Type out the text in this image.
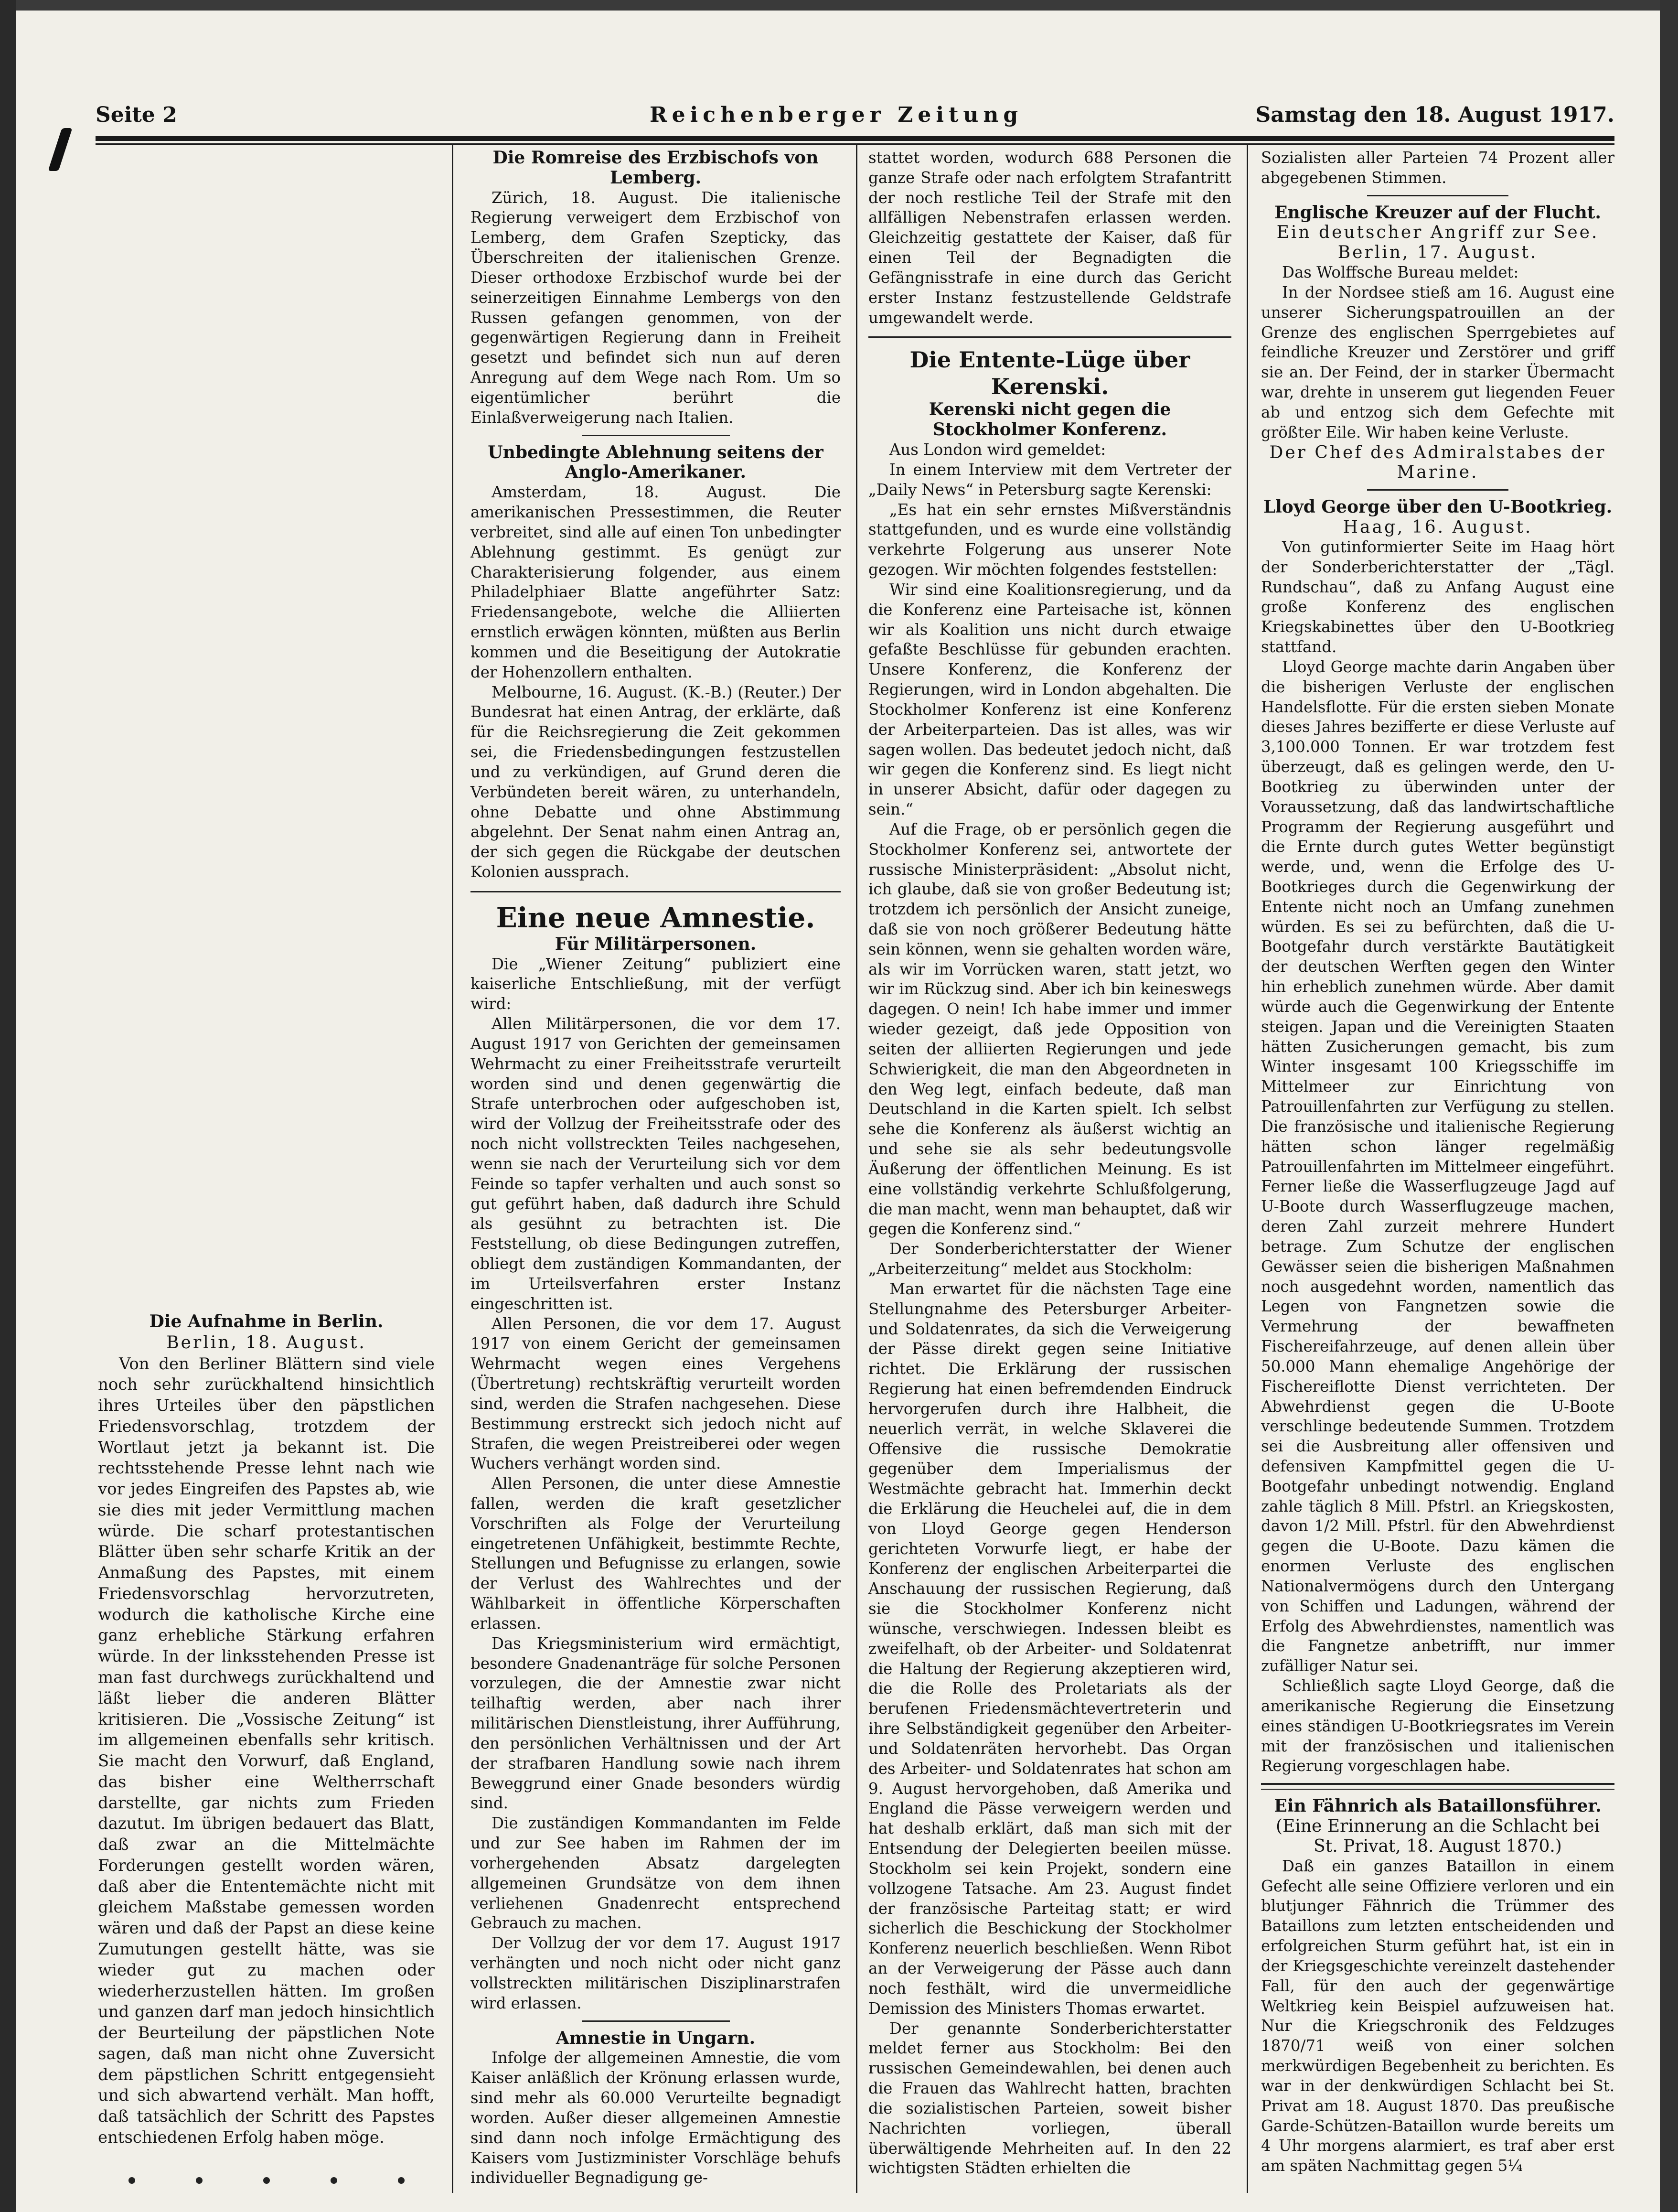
Seite 2	Reichenberger Zeitung	Samstag den 18. August 1917.

Die Aufnahme in Berlin.

Berlin, 18. August.

Von den Berliner Blättern sind viele noch sehr zurückhaltend hinsichtlich ihres Urteiles über den päpstlichen Friedensvorschlag, trotzdem der Wortlaut jetzt ja bekannt ist. Die rechtsstehende Presse lehnt nach wie vor jedes Eingreifen des Papstes ab, wie sie dies mit jeder Vermittlung machen würde. Die scharf protestantischen Blätter üben sehr scharfe Kritik an der Anmaßung des Papstes, mit einem Friedensvorschlag hervorzutreten, wodurch die katholische Kirche eine ganz erhebliche Stärkung erfahren würde. In der linksstehenden Presse ist man fast durchwegs zurückhaltend und läßt lieber die anderen Blätter kritisieren. Die „Vossische Zeitung“ ist im allgemeinen ebenfalls sehr kritisch. Sie macht den Vorwurf, daß England, das bisher eine Weltherrschaft darstellte, gar nichts zum Frieden dazutut. Im übrigen bedauert das Blatt, daß zwar an die Mittelmächte Forderungen gestellt worden wären, daß aber die Ententemächte nicht mit gleichem Maßstabe gemessen worden wären und daß der Papst an diese keine Zumutungen gestellt hätte, was sie wieder gut zu machen oder wiederherzustellen hätten. Im großen und ganzen darf man jedoch hinsichtlich der Beurteilung der päpstlichen Note sagen, daß man nicht ohne Zuversicht dem päpstlichen Schritt entgegensieht und sich abwartend verhält. Man hofft, daß tatsächlich der Schritt des Papstes entschiedenen Erfolg haben möge.

Die Romreise des Erzbischofs von Lemberg.

Zürich, 18. August. Die italienische Regierung verweigert dem Erzbischof von Lemberg, dem Grafen Szepticky, das Überschreiten der italienischen Grenze. Dieser orthodoxe Erzbischof wurde bei der seinerzeitigen Einnahme Lembergs von den Russen gefangen genommen, von der gegenwärtigen Regierung dann in Freiheit gesetzt und befindet sich nun auf deren Anregung auf dem Wege nach Rom. Um so eigentümlicher berührt die Einlaßverweigerung nach Italien.

Unbedingte Ablehnung seitens der Anglo-Amerikaner.

Amsterdam, 18. August. Die amerikanischen Pressestimmen, die Reuter verbreitet, sind alle auf einen Ton unbedingter Ablehnung gestimmt. Es genügt zur Charakterisierung folgender, aus einem Philadelphiaer Blatte angeführter Satz: Friedensangebote, welche die Alliierten ernstlich erwägen könnten, müßten aus Berlin kommen und die Beseitigung der Autokratie der Hohenzollern enthalten.

Melbourne, 16. August. (K.-B.) (Reuter.) Der Bundesrat hat einen Antrag, der erklärte, daß für die Reichsregierung die Zeit gekommen sei, die Friedensbedingungen festzustellen und zu verkündigen, auf Grund deren die Verbündeten bereit wären, zu unterhandeln, ohne Debatte und ohne Abstimmung abgelehnt. Der Senat nahm einen Antrag an, der sich gegen die Rückgabe der deutschen Kolonien aussprach.

Eine neue Amnestie.

Für Militärpersonen.

Die „Wiener Zeitung“ publiziert eine kaiserliche Entschließung, mit der verfügt wird:

Allen Militärpersonen, die vor dem 17. August 1917 von Gerichten der gemeinsamen Wehrmacht zu einer Freiheitsstrafe verurteilt worden sind und denen gegenwärtig die Strafe unterbrochen oder aufgeschoben ist, wird der Vollzug der Freiheitsstrafe oder des noch nicht vollstreckten Teiles nachgesehen, wenn sie nach der Verurteilung sich vor dem Feinde so tapfer verhalten und auch sonst so gut geführt haben, daß dadurch ihre Schuld als gesühnt zu betrachten ist. Die Feststellung, ob diese Bedingungen zutreffen, obliegt dem zuständigen Kommandanten, der im Urteilsverfahren erster Instanz eingeschritten ist.

Allen Personen, die vor dem 17. August 1917 von einem Gericht der gemeinsamen Wehrmacht wegen eines Vergehens (Übertretung) rechtskräftig verurteilt worden sind, werden die Strafen nachgesehen. Diese Bestimmung erstreckt sich jedoch nicht auf Strafen, die wegen Preistreiberei oder wegen Wuchers verhängt worden sind.

Allen Personen, die unter diese Amnestie fallen, werden die kraft gesetzlicher Vorschriften als Folge der Verurteilung eingetretenen Unfähigkeit, bestimmte Rechte, Stellungen und Befugnisse zu erlangen, sowie der Verlust des Wahlrechtes und der Wählbarkeit in öffentliche Körperschaften erlassen.

Das Kriegsministerium wird ermächtigt, besondere Gnadenanträge für solche Personen vorzulegen, die der Amnestie zwar nicht teilhaftig werden, aber nach ihrer militärischen Dienstleistung, ihrer Aufführung, den persönlichen Verhältnissen und der Art der strafbaren Handlung sowie nach ihrem Beweggrund einer Gnade besonders würdig sind.

Die zuständigen Kommandanten im Felde und zur See haben im Rahmen der im vorhergehenden Absatz dargelegten allgemeinen Grundsätze von dem ihnen verliehenen Gnadenrecht entsprechend Gebrauch zu machen.

Der Vollzug der vor dem 17. August 1917 verhängten und noch nicht oder nicht ganz vollstreckten militärischen Disziplinarstrafen wird erlassen.

Amnestie in Ungarn.

Infolge der allgemeinen Amnestie, die vom Kaiser anläßlich der Krönung erlassen wurde, sind mehr als 60.000 Verurteilte begnadigt worden. Außer dieser allgemeinen Amnestie sind dann noch infolge Ermächtigung des Kaisers vom Justizminister Vorschläge behufs individueller Begnadigung ge-

stattet worden, wodurch 688 Personen die ganze Strafe oder nach erfolgtem Strafantritt der noch restliche Teil der Strafe mit den allfälligen Nebenstrafen erlassen werden. Gleichzeitig gestattete der Kaiser, daß für einen Teil der Begnadigten die Gefängnisstrafe in eine durch das Gericht erster Instanz festzustellende Geldstrafe umgewandelt werde.

Die Entente-Lüge über Kerenski.

Kerenski nicht gegen die Stockholmer Konferenz.

Aus London wird gemeldet:

In einem Interview mit dem Vertreter der „Daily News“ in Petersburg sagte Kerenski:

„Es hat ein sehr ernstes Mißverständnis stattgefunden, und es wurde eine vollständig verkehrte Folgerung aus unserer Note gezogen. Wir möchten folgendes feststellen:

Wir sind eine Koalitionsregierung, und da die Konferenz eine Parteisache ist, können wir als Koalition uns nicht durch etwaige gefaßte Beschlüsse für gebunden erachten. Unsere Konferenz, die Konferenz der Regierungen, wird in London abgehalten. Die Stockholmer Konferenz ist eine Konferenz der Arbeiterparteien. Das ist alles, was wir sagen wollen. Das bedeutet jedoch nicht, daß wir gegen die Konferenz sind. Es liegt nicht in unserer Absicht, dafür oder dagegen zu sein.“

Auf die Frage, ob er persönlich gegen die Stockholmer Konferenz sei, antwortete der russische Ministerpräsident: „Absolut nicht, ich glaube, daß sie von großer Bedeutung ist; trotzdem ich persönlich der Ansicht zuneige, daß sie von noch größerer Bedeutung hätte sein können, wenn sie gehalten worden wäre, als wir im Vorrücken waren, statt jetzt, wo wir im Rückzug sind. Aber ich bin keineswegs dagegen. O nein! Ich habe immer und immer wieder gezeigt, daß jede Opposition von seiten der alliierten Regierungen und jede Schwierigkeit, die man den Abgeordneten in den Weg legt, einfach bedeute, daß man Deutschland in die Karten spielt. Ich selbst sehe die Konferenz als äußerst wichtig an und sehe sie als sehr bedeutungsvolle Äußerung der öffentlichen Meinung. Es ist eine vollständig verkehrte Schlußfolgerung, die man macht, wenn man behauptet, daß wir gegen die Konferenz sind.“

Der Sonderberichterstatter der Wiener „Arbeiterzeitung“ meldet aus Stockholm:

Man erwartet für die nächsten Tage eine Stellungnahme des Petersburger Arbeiter- und Soldatenrates, da sich die Verweigerung der Pässe direkt gegen seine Initiative richtet. Die Erklärung der russischen Regierung hat einen befremdenden Eindruck hervorgerufen durch ihre Halbheit, die neuerlich verrät, in welche Sklaverei die Offensive die russische Demokratie gegenüber dem Imperialismus der Westmächte gebracht hat. Immerhin deckt die Erklärung die Heuchelei auf, die in dem von Lloyd George gegen Henderson gerichteten Vorwurfe liegt, er habe der Konferenz der englischen Arbeiterpartei die Anschauung der russischen Regierung, daß sie die Stockholmer Konferenz nicht wünsche, verschwiegen. Indessen bleibt es zweifelhaft, ob der Arbeiter- und Soldatenrat die Haltung der Regierung akzeptieren wird, die die Rolle des Proletariats als der berufenen Friedensmächtevertreterin und ihre Selbständigkeit gegenüber den Arbeiter- und Soldatenräten hervorhebt. Das Organ des Arbeiter- und Soldatenrates hat schon am 9. August hervorgehoben, daß Amerika und England die Pässe verweigern werden und hat deshalb erklärt, daß man sich mit der Entsendung der Delegierten beeilen müsse. Stockholm sei kein Projekt, sondern eine vollzogene Tatsache. Am 23. August findet der französische Parteitag statt; er wird sicherlich die Beschickung der Stockholmer Konferenz neuerlich beschließen. Wenn Ribot an der Verweigerung der Pässe auch dann noch festhält, wird die unvermeidliche Demission des Ministers Thomas erwartet.

Der genannte Sonderberichterstatter meldet ferner aus Stockholm: Bei den russischen Gemeindewahlen, bei denen auch die Frauen das Wahlrecht hatten, brachten die sozialistischen Parteien, soweit bisher Nachrichten vorliegen, überall überwältigende Mehrheiten auf. In den 22 wichtigsten Städten erhielten die

Sozialisten aller Parteien 74 Prozent aller abgegebenen Stimmen.

Englische Kreuzer auf der Flucht.

Ein deutscher Angriff zur See.

Berlin, 17. August.

Das Wolffsche Bureau meldet:

In der Nordsee stieß am 16. August eine unserer Sicherungspatrouillen an der Grenze des englischen Sperrgebietes auf feindliche Kreuzer und Zerstörer und griff sie an. Der Feind, der in starker Übermacht war, drehte in unserem gut liegenden Feuer ab und entzog sich dem Gefechte mit größter Eile. Wir haben keine Verluste.

Der Chef des Admiralstabes der Marine.

Lloyd George über den U-Bootkrieg.

Haag, 16. August.

Von gutinformierter Seite im Haag hört der Sonderberichterstatter der „Tägl. Rundschau“, daß zu Anfang August eine große Konferenz des englischen Kriegskabinettes über den U-Bootkrieg stattfand.

Lloyd George machte darin Angaben über die bisherigen Verluste der englischen Handelsflotte. Für die ersten sieben Monate dieses Jahres bezifferte er diese Verluste auf 3,100.000 Tonnen. Er war trotzdem fest überzeugt, daß es gelingen werde, den U-Bootkrieg zu überwinden unter der Voraussetzung, daß das landwirtschaftliche Programm der Regierung ausgeführt und die Ernte durch gutes Wetter begünstigt werde, und, wenn die Erfolge des U-Bootkrieges durch die Gegenwirkung der Entente nicht noch an Umfang zunehmen würden. Es sei zu befürchten, daß die U-Bootgefahr durch verstärkte Bautätigkeit der deutschen Werften gegen den Winter hin erheblich zunehmen würde. Aber damit würde auch die Gegenwirkung der Entente steigen. Japan und die Vereinigten Staaten hätten Zusicherungen gemacht, bis zum Winter insgesamt 100 Kriegsschiffe im Mittelmeer zur Einrichtung von Patrouillenfahrten zur Verfügung zu stellen. Die französische und italienische Regierung hätten schon länger regelmäßig Patrouillenfahrten im Mittelmeer eingeführt. Ferner ließe die Wasserflugzeuge Jagd auf U-Boote durch Wasserflugzeuge machen, deren Zahl zurzeit mehrere Hundert betrage. Zum Schutze der englischen Gewässer seien die bisherigen Maßnahmen noch ausgedehnt worden, namentlich das Legen von Fangnetzen sowie die Vermehrung der bewaffneten Fischereifahrzeuge, auf denen allein über 50.000 Mann ehemalige Angehörige der Fischereiflotte Dienst verrichteten. Der Abwehrdienst gegen die U-Boote verschlinge bedeutende Summen. Trotzdem sei die Ausbreitung aller offensiven und defensiven Kampfmittel gegen die U-Bootgefahr unbedingt notwendig. England zahle täglich 8 Mill. Pfstrl. an Kriegskosten, davon 1/2 Mill. Pfstrl. für den Abwehrdienst gegen die U-Boote. Dazu kämen die enormen Verluste des englischen Nationalvermögens durch den Untergang von Schiffen und Ladungen, während der Erfolg des Abwehrdienstes, namentlich was die Fangnetze anbetrifft, nur immer zufälliger Natur sei.

Schließlich sagte Lloyd George, daß die amerikanische Regierung die Einsetzung eines ständigen U-Bootkriegsrates im Verein mit der französischen und italienischen Regierung vorgeschlagen habe.

Ein Fähnrich als Bataillonsführer.

(Eine Erinnerung an die Schlacht bei St. Privat, 18. August 1870.)

Daß ein ganzes Bataillon in einem Gefecht alle seine Offiziere verloren und ein blutjunger Fähnrich die Trümmer des Bataillons zum letzten entscheidenden und erfolgreichen Sturm geführt hat, ist ein in der Kriegsgeschichte vereinzelt dastehender Fall, für den auch der gegenwärtige Weltkrieg kein Beispiel aufzuweisen hat. Nur die Kriegschronik des Feldzuges 1870/71 weiß von einer solchen merkwürdigen Begebenheit zu berichten. Es war in der denkwürdigen Schlacht bei St. Privat am 18. August 1870. Das preußische Garde-Schützen-Bataillon wurde bereits um 4 Uhr morgens alarmiert, es traf aber erst am späten Nachmittag gegen 5¼
